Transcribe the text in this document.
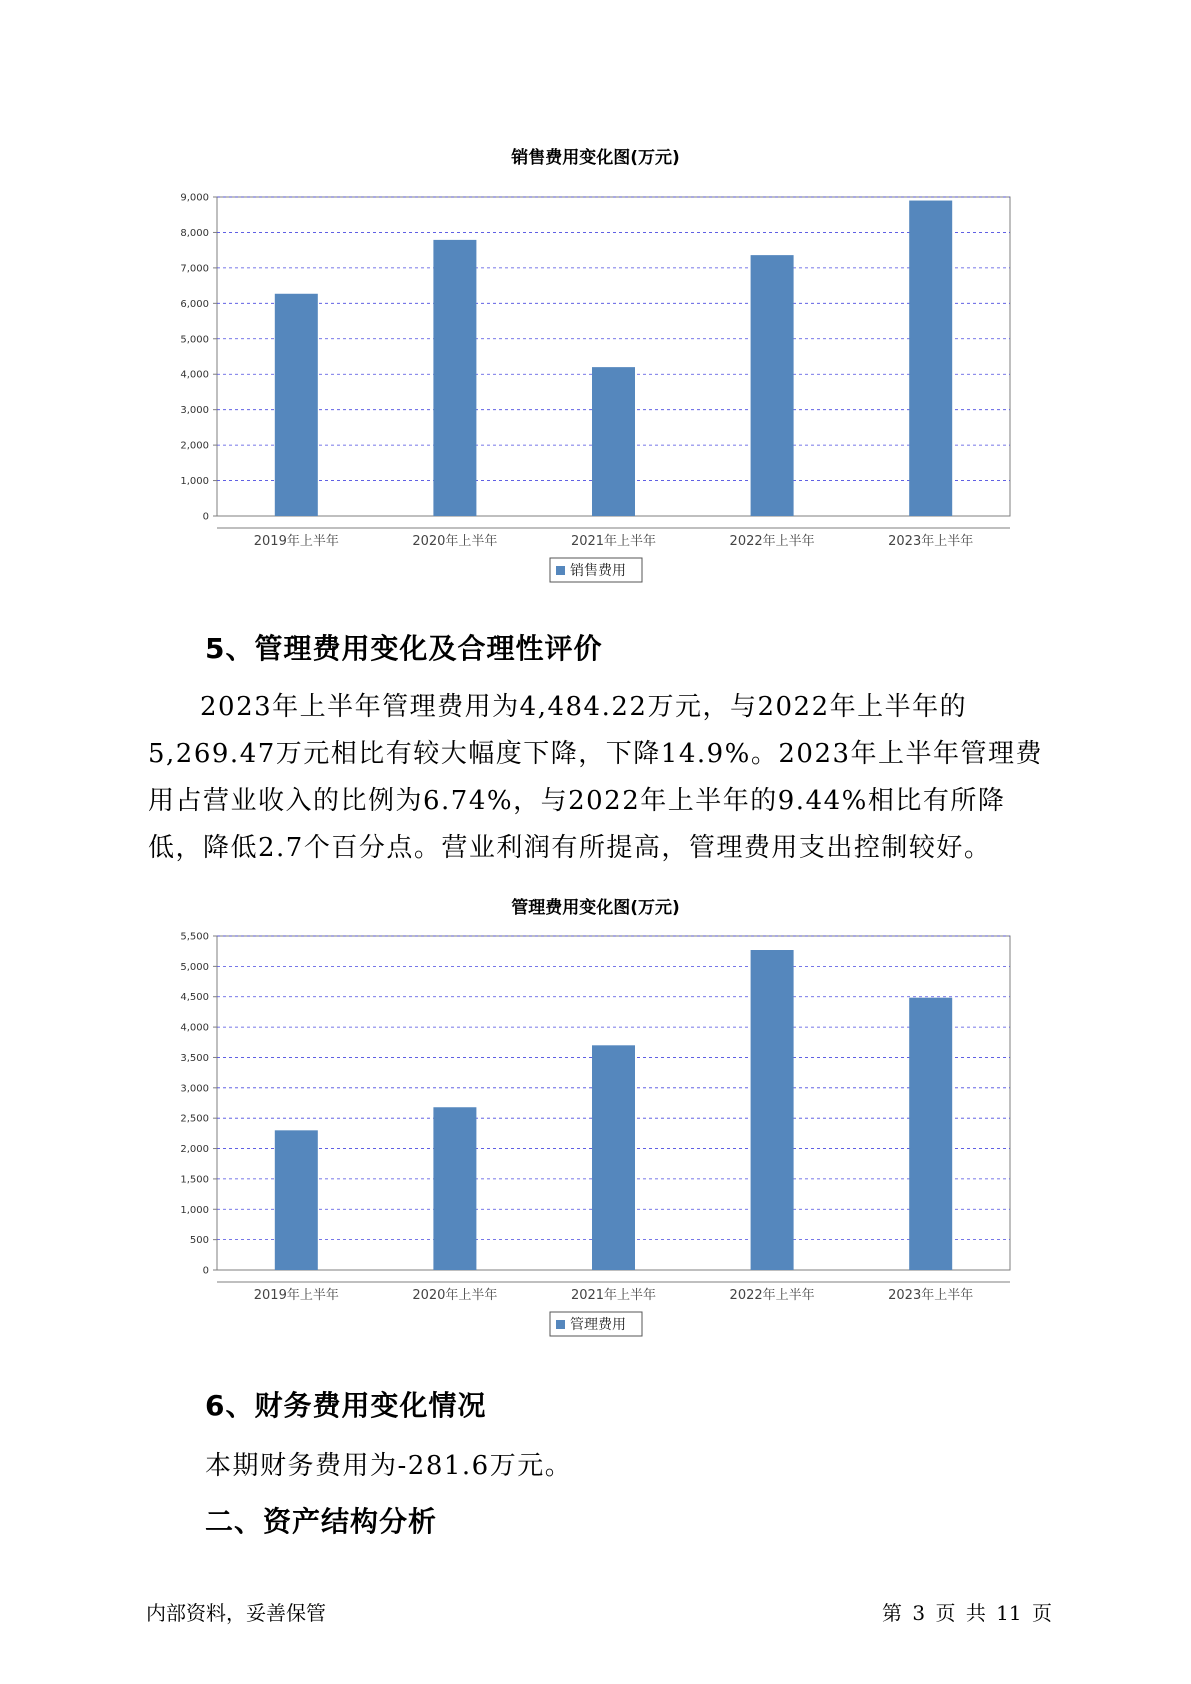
销售费用变化图(万元)
0
1,000
2,000
3,000
4,000
5,000
6,000
7,000
8,000
9,000
2019年上半年	2020年上半年	2021年上半年	2022年上半年	2023年上半年
销售费用
5、管理费用变化及合理性评价

2023年上半年管理费用为4,484.22万元，与2022年上半年的5,269.47万元相比有较大幅度下降，下降14.9%。2023年上半年管理费用占营业收入的比例为6.74%，与2022年上半年的9.44%相比有所降低，降低2.7个百分点。营业利润有所提高，管理费用支出控制较好。

管理费用变化图(万元)
0
500
1,000
1,500
2,000
2,500
3,000
3,500
4,000
4,500
5,000
5,500
2019年上半年	2020年上半年	2021年上半年	2022年上半年	2023年上半年
管理费用
6、财务费用变化情况

本期财务费用为-281.6万元。

二、资产结构分析
内部资料，妥善保管	第 3 页 共 11 页
